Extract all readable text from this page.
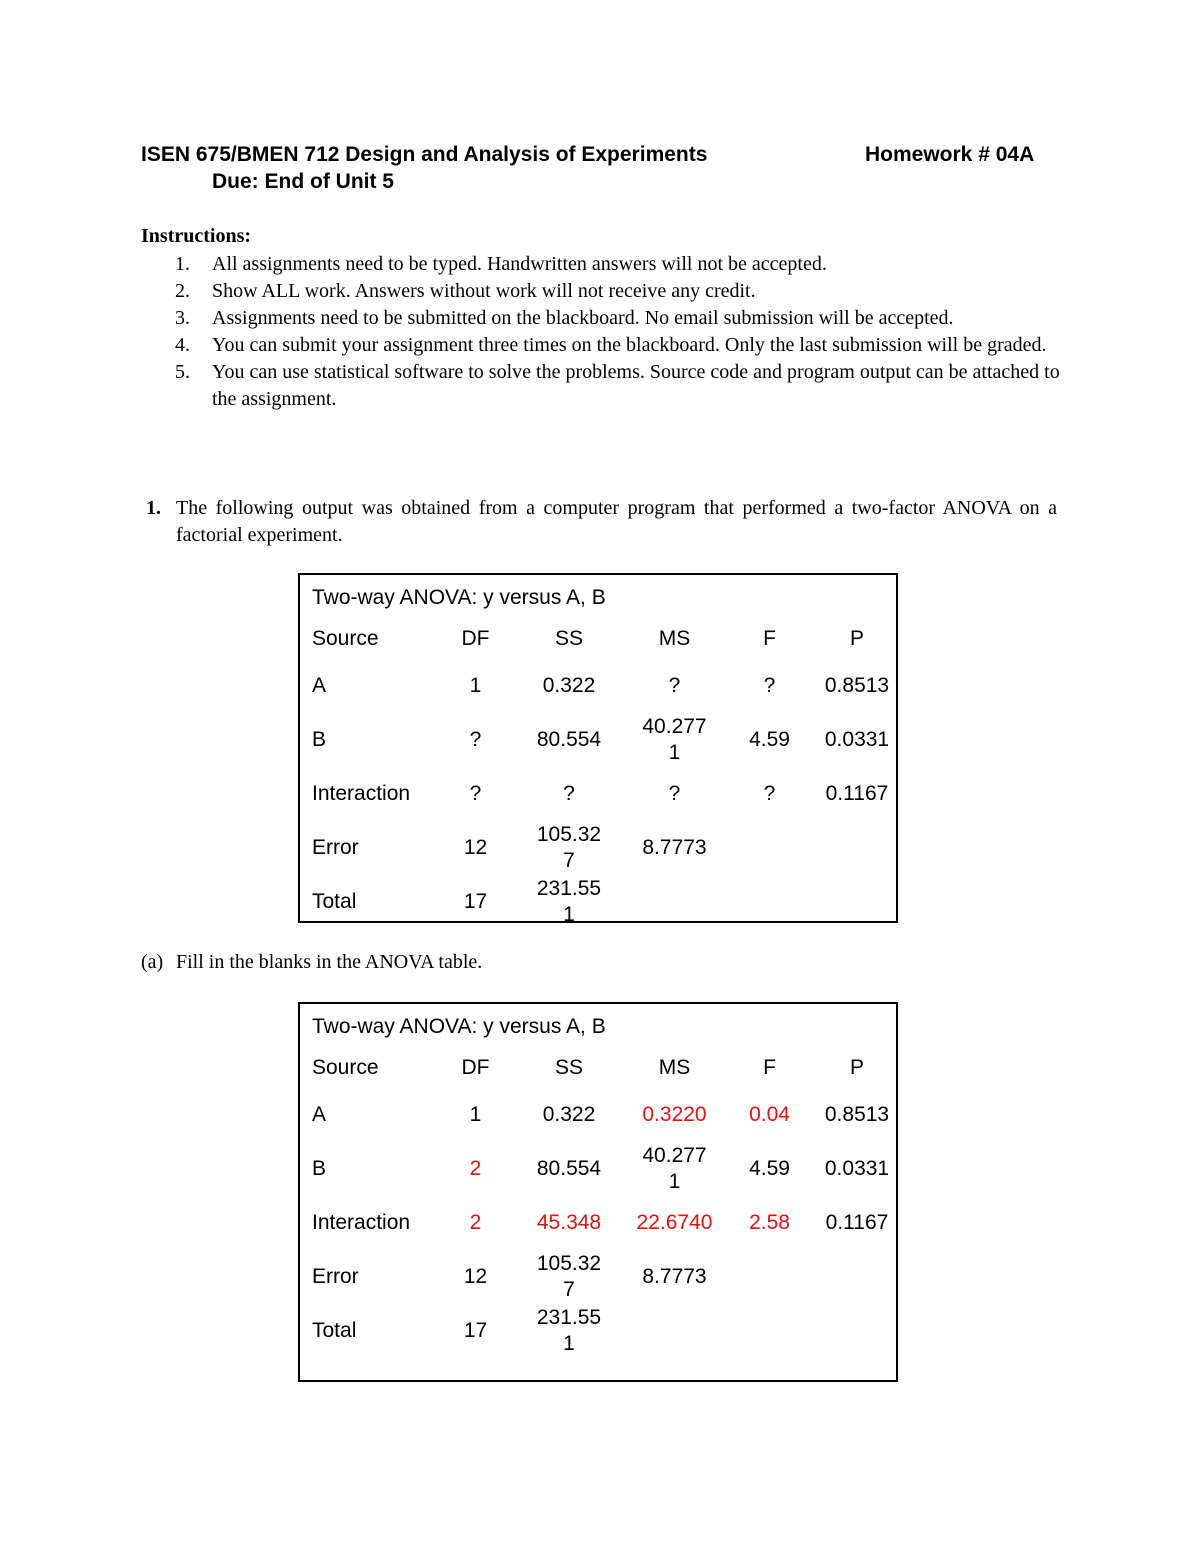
ISEN 675/BMEN 712 Design and Analysis of Experiments	Homework # 04A
Due: End of Unit 5
Instructions:
1. All assignments need to be typed. Handwritten answers will not be accepted.
2. Show ALL work. Answers without work will not receive any credit.
3. Assignments need to be submitted on the blackboard. No email submission will be accepted.
4. You can submit your assignment three times on the blackboard. Only the last submission will be graded.
5. You can use statistical software to solve the problems. Source code and program output can be attached to the assignment.
1. The following output was obtained from a computer program that performed a two-factor ANOVA on a factorial experiment.
Two-way ANOVA: y versus A, B
Source	DF	SS	MS	F	P
A	1	0.322	?	?	0.8513
B	?	80.554	40.2771	4.59	0.0331
Interaction	?	?	?	?	0.1167
Error	12	105.327	8.7773		
Total	17	231.551			
(a) Fill in the blanks in the ANOVA table.
Two-way ANOVA: y versus A, B
Source	DF	SS	MS	F	P
A	1	0.322	0.3220	0.04	0.8513
B	2	80.554	40.2771	4.59	0.0331
Interaction	2	45.348	22.6740	2.58	0.1167
Error	12	105.327	8.7773		
Total	17	231.551			
